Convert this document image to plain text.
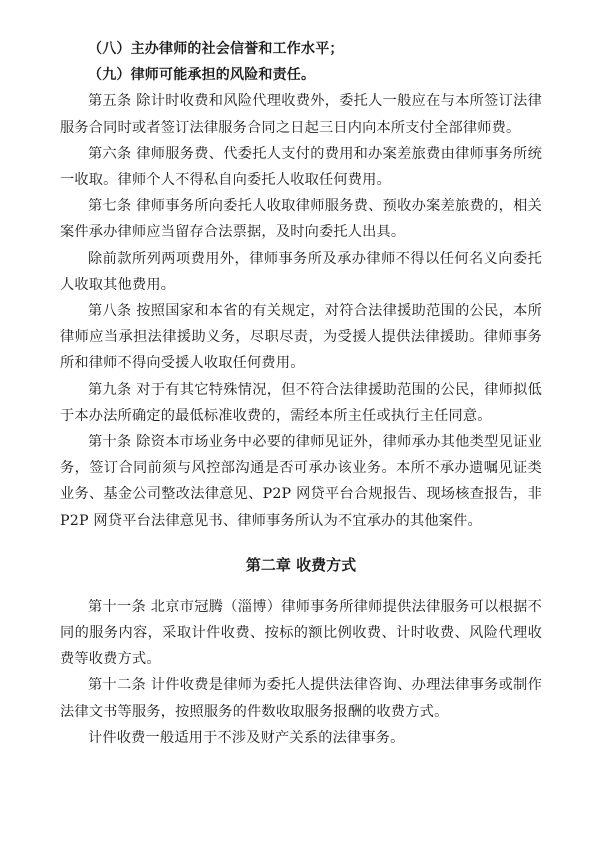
（八）主办律师的社会信誉和工作水平；

（九）律师可能承担的风险和责任。

第五条 除计时收费和风险代理收费外，委托人一般应在与本所签订法律服务合同时或者签订法律服务合同之日起三日内向本所支付全部律师费。

第六条 律师服务费、代委托人支付的费用和办案差旅费由律师事务所统一收取。律师个人不得私自向委托人收取任何费用。

第七条 律师事务所向委托人收取律师服务费、预收办案差旅费的，相关案件承办律师应当留存合法票据，及时向委托人出具。

除前款所列两项费用外，律师事务所及承办律师不得以任何名义向委托人收取其他费用。

第八条 按照国家和本省的有关规定，对符合法律援助范围的公民，本所律师应当承担法律援助义务，尽职尽责，为受援人提供法律援助。律师事务所和律师不得向受援人收取任何费用。

第九条 对于有其它特殊情况，但不符合法律援助范围的公民，律师拟低于本办法所确定的最低标准收费的，需经本所主任或执行主任同意。

第十条 除资本市场业务中必要的律师见证外，律师承办其他类型见证业务，签订合同前须与风控部沟通是否可承办该业务。本所不承办遗嘱见证类业务、基金公司整改法律意见、P2P 网贷平台合规报告、现场核查报告，非 P2P 网贷平台法律意见书、律师事务所认为不宜承办的其他案件。

第二章 收费方式

第十一条 北京市冠腾（淄博）律师事务所律师提供法律服务可以根据不同的服务内容，采取计件收费、按标的额比例收费、计时收费、风险代理收费等收费方式。

第十二条 计件收费是律师为委托人提供法律咨询、办理法律事务或制作法律文书等服务，按照服务的件数收取服务报酬的收费方式。

计件收费一般适用于不涉及财产关系的法律事务。
